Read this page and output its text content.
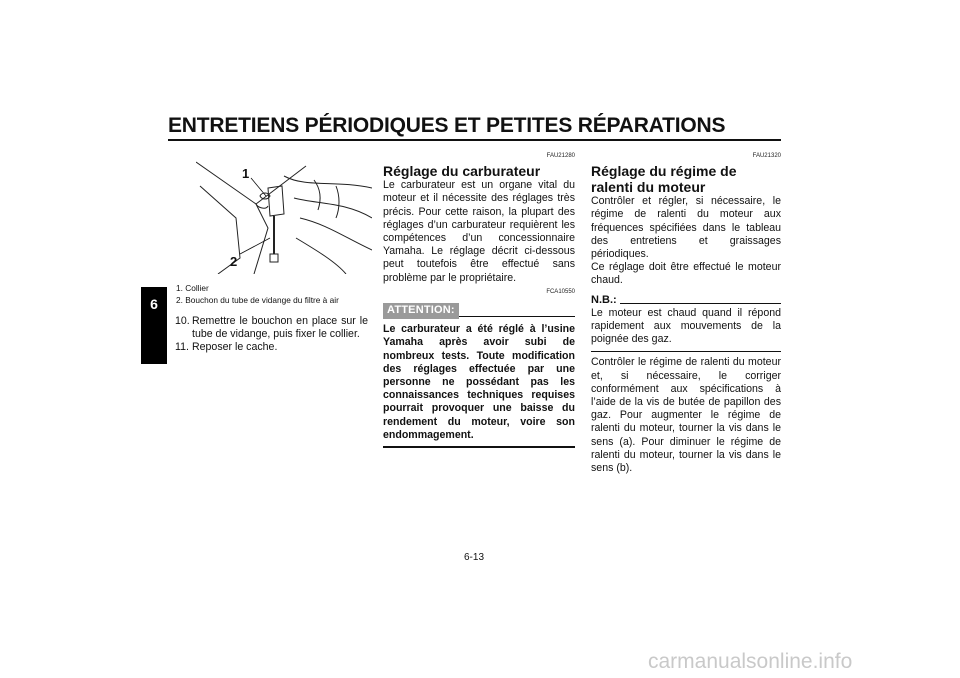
ENTRETIENS PÉRIODIQUES ET PETITES RÉPARATIONS
6
1
2
1. Collier
2. Bouchon du tube de vidange du filtre à air
10. Remettre le bouchon en place sur le tube de vidange, puis fixer le collier.
11. Reposer le cache.
FAU21280
Réglage du carburateur
Le carburateur est un organe vital du moteur et il nécessite des réglages très précis. Pour cette raison, la plupart des réglages d’un carburateur requièrent les compétences d’un concessionnaire Yamaha. Le réglage décrit ci-dessous peut toutefois être effectué sans problème par le propriétaire.
FCA10550
ATTENTION:
Le carburateur a été réglé à l’usine Yamaha après avoir subi de nombreux tests. Toute modification des réglages effectuée par une personne ne possédant pas les connaissances techniques requises pourrait provoquer une baisse du rendement du moteur, voire son endommagement.
FAU21320
Réglage du régime de ralenti du moteur
Contrôler et régler, si nécessaire, le régime de ralenti du moteur aux fréquences spécifiées dans le tableau des entretiens et graissages périodiques.
Ce réglage doit être effectué le moteur chaud.
N.B.:
Le moteur est chaud quand il répond rapidement aux mouvements de la poignée des gaz.
Contrôler le régime de ralenti du moteur et, si nécessaire, le corriger conformément aux spécifications à l’aide de la vis de butée de papillon des gaz. Pour augmenter le régime de ralenti du moteur, tourner la vis dans le sens (a). Pour diminuer le régime de ralenti du moteur, tourner la vis dans le sens (b).
6-13
carmanualsonline.info
